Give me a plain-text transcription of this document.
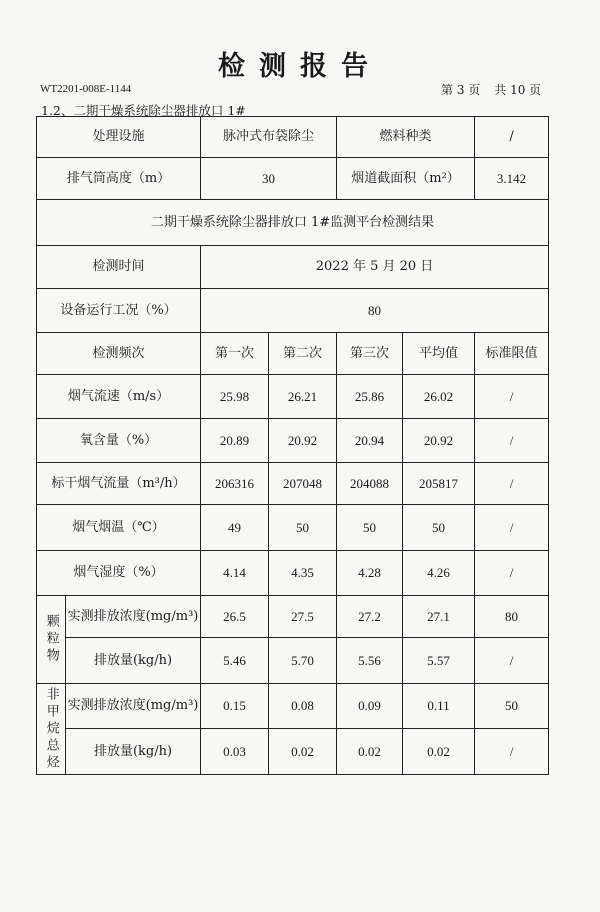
检测报告
WT2201-008E-1144	第 3 页 共 10 页
1.2、二期干燥系统除尘器排放口 1#
处理设施		脉冲式布袋除尘		燃料种类		/
排气筒高度（m）		30		烟道截面积（m²）		3.142
二期干燥系统除尘器排放口 1#监测平台检测结果						
检测时间		2022 年 5 月 20 日				
设备运行工况（%）		80				
检测频次		第一次	第二次	第三次	平均值	标准限值
烟气流速（m/s）		25.98	26.21	25.86	26.02	/
氧含量（%）		20.89	20.92	20.94	20.92	/
标干烟气流量（m³/h）		206316	207048	204088	205817	/
烟气烟温（℃）		49	50	50	50	/
烟气湿度（%）		4.14	4.35	4.28	4.26	/

颗粒物	实测排放浓度(mg/m³)	26.5	27.5	27.2	27.1	80
	排放量(kg/h)	5.46	5.70	5.56	5.57	/

非甲烷总烃	实测排放浓度(mg/m³)	0.15	0.08	0.09	0.11	50
	排放量(kg/h)	0.03	0.02	0.02	0.02	/
